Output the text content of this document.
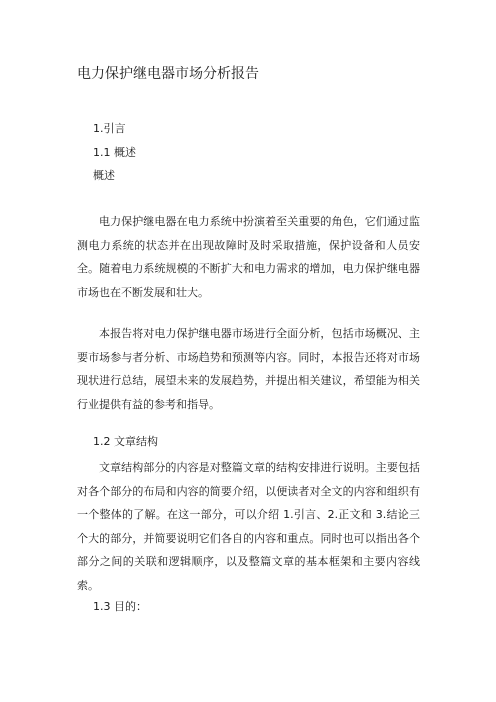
电力保护继电器市场分析报告
1.引言
1.1 概述
概述

电力保护继电器在电力系统中扮演着至关重要的角色，它们通过监测电力系统的状态并在出现故障时及时采取措施，保护设备和人员安全。随着电力系统规模的不断扩大和电力需求的增加，电力保护继电器市场也在不断发展和壮大。

本报告将对电力保护继电器市场进行全面分析，包括市场概况、主要市场参与者分析、市场趋势和预测等内容。同时，本报告还将对市场现状进行总结，展望未来的发展趋势，并提出相关建议，希望能为相关行业提供有益的参考和指导。

1.2 文章结构

文章结构部分的内容是对整篇文章的结构安排进行说明。主要包括对各个部分的布局和内容的简要介绍，以便读者对全文的内容和组织有一个整体的了解。在这一部分，可以介绍 1.引言、2.正文和 3.结论三个大的部分，并简要说明它们各自的内容和重点。同时也可以指出各个部分之间的关联和逻辑顺序，以及整篇文章的基本框架和主要内容线索。

1.3 目的：
